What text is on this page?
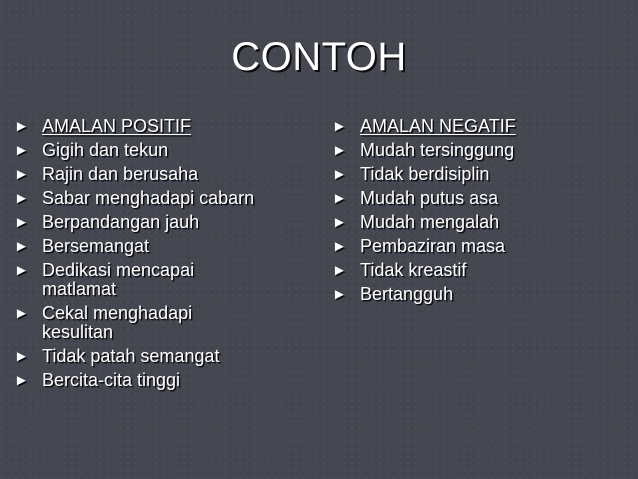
CONTOH
► AMALAN POSITIF
► Gigih dan tekun
► Rajin dan berusaha
► Sabar menghadapi cabarn
► Berpandangan jauh
► Bersemangat
► Dedikasi mencapai matlamat
► Cekal menghadapi kesulitan
► Tidak patah semangat
► Bercita-cita tinggi
► AMALAN NEGATIF
► Mudah tersinggung
► Tidak berdisiplin
► Mudah putus asa
► Mudah mengalah
► Pembaziran masa
► Tidak kreastif
► Bertangguh
